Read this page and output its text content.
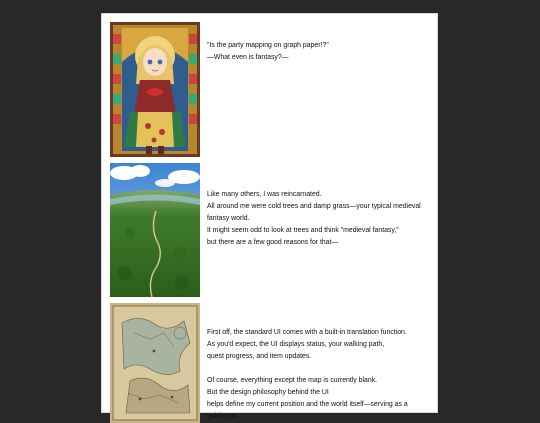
"Is the party mapping on graph paper!?"
—What even is fantasy?—
Like many others, I was reincarnated.
All around me were cold trees and damp grass—your typical medieval
fantasy world.
It might seem odd to look at trees and think "medieval fantasy,"
but there are a few good reasons for that—
First off, the standard UI comes with a built-in translation function.
As you'd expect, the UI displays status, your walking path,
quest progress, and item updates.
Of course, everything except the map is currently blank.
But the design philosophy behind the UI
helps define my current position and the world itself—serving as a
guidepost.
